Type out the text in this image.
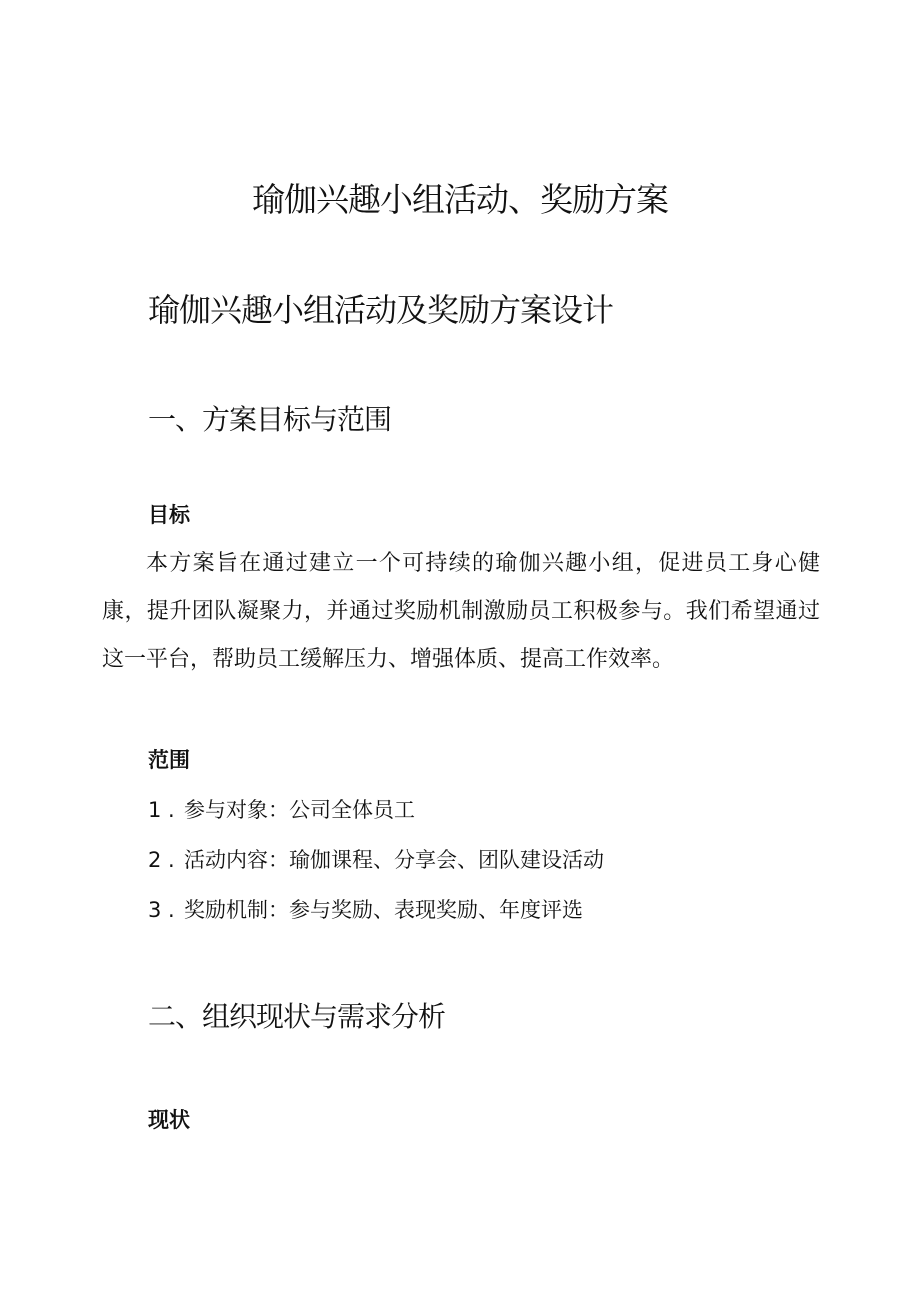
瑜伽兴趣小组活动、奖励方案
瑜伽兴趣小组活动及奖励方案设计
一、方案目标与范围
目标

本方案旨在通过建立一个可持续的瑜伽兴趣小组，促进员工身心健康，提升团队凝聚力，并通过奖励机制激励员工积极参与。我们希望通过这一平台，帮助员工缓解压力、增强体质、提高工作效率。

范围

1 . 参与对象：公司全体员工

2 . 活动内容：瑜伽课程、分享会、团队建设活动

3 . 奖励机制：参与奖励、表现奖励、年度评选

二、组织现状与需求分析
现状
